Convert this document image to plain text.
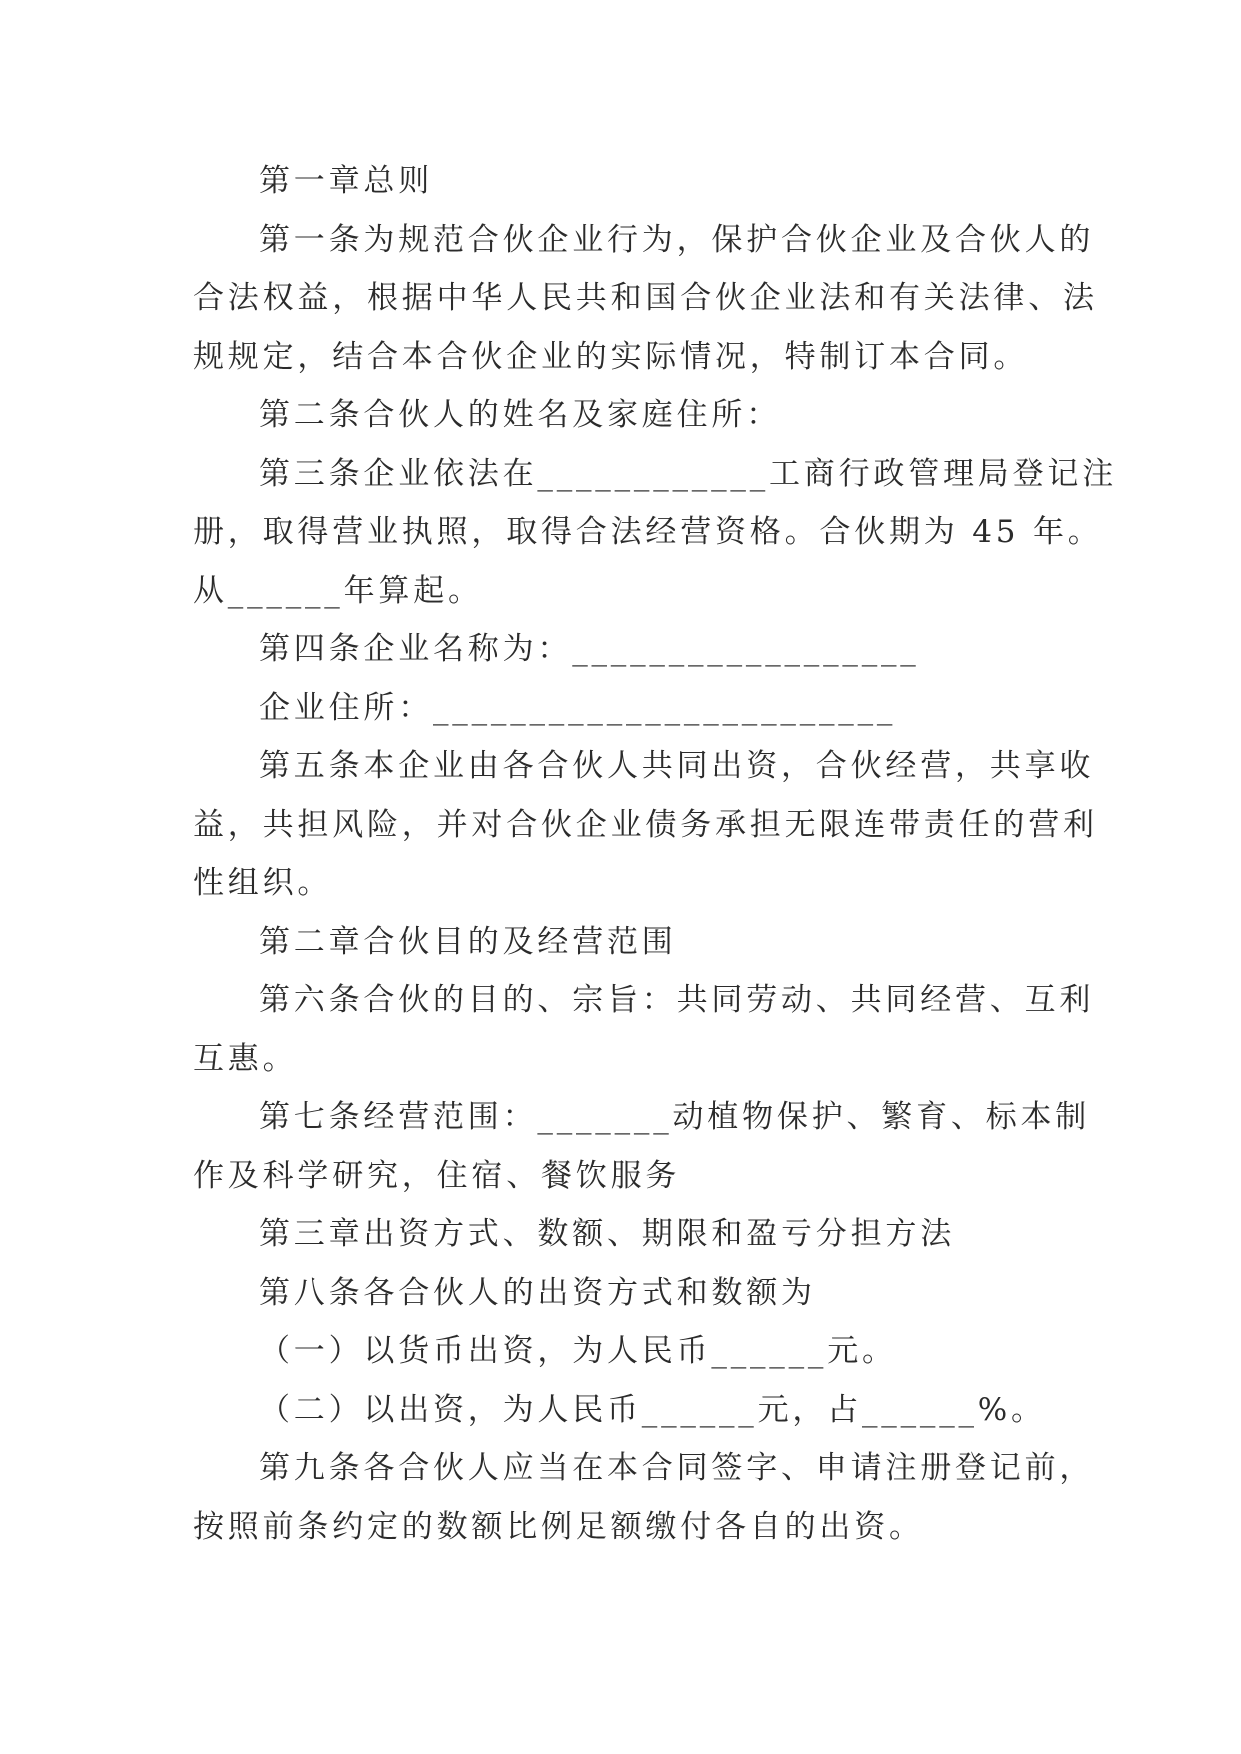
第一章总则
第一条为规范合伙企业行为，保护合伙企业及合伙人的
合法权益，根据中华人民共和国合伙企业法和有关法律、法
规规定，结合本合伙企业的实际情况，特制订本合同。
第二条合伙人的姓名及家庭住所：
第三条企业依法在____________工商行政管理局登记注
册，取得营业执照，取得合法经营资格。合伙期为 45 年。
从______年算起。
第四条企业名称为：__________________
企业住所：________________________
第五条本企业由各合伙人共同出资，合伙经营，共享收
益，共担风险，并对合伙企业债务承担无限连带责任的营利
性组织。
第二章合伙目的及经营范围
第六条合伙的目的、宗旨：共同劳动、共同经营、互利
互惠。
第七条经营范围：_______动植物保护、繁育、标本制
作及科学研究，住宿、餐饮服务
第三章出资方式、数额、期限和盈亏分担方法
第八条各合伙人的出资方式和数额为
（一）以货币出资，为人民币______元。
（二）以出资，为人民币______元，占______%。
第九条各合伙人应当在本合同签字、申请注册登记前，
按照前条约定的数额比例足额缴付各自的出资。
